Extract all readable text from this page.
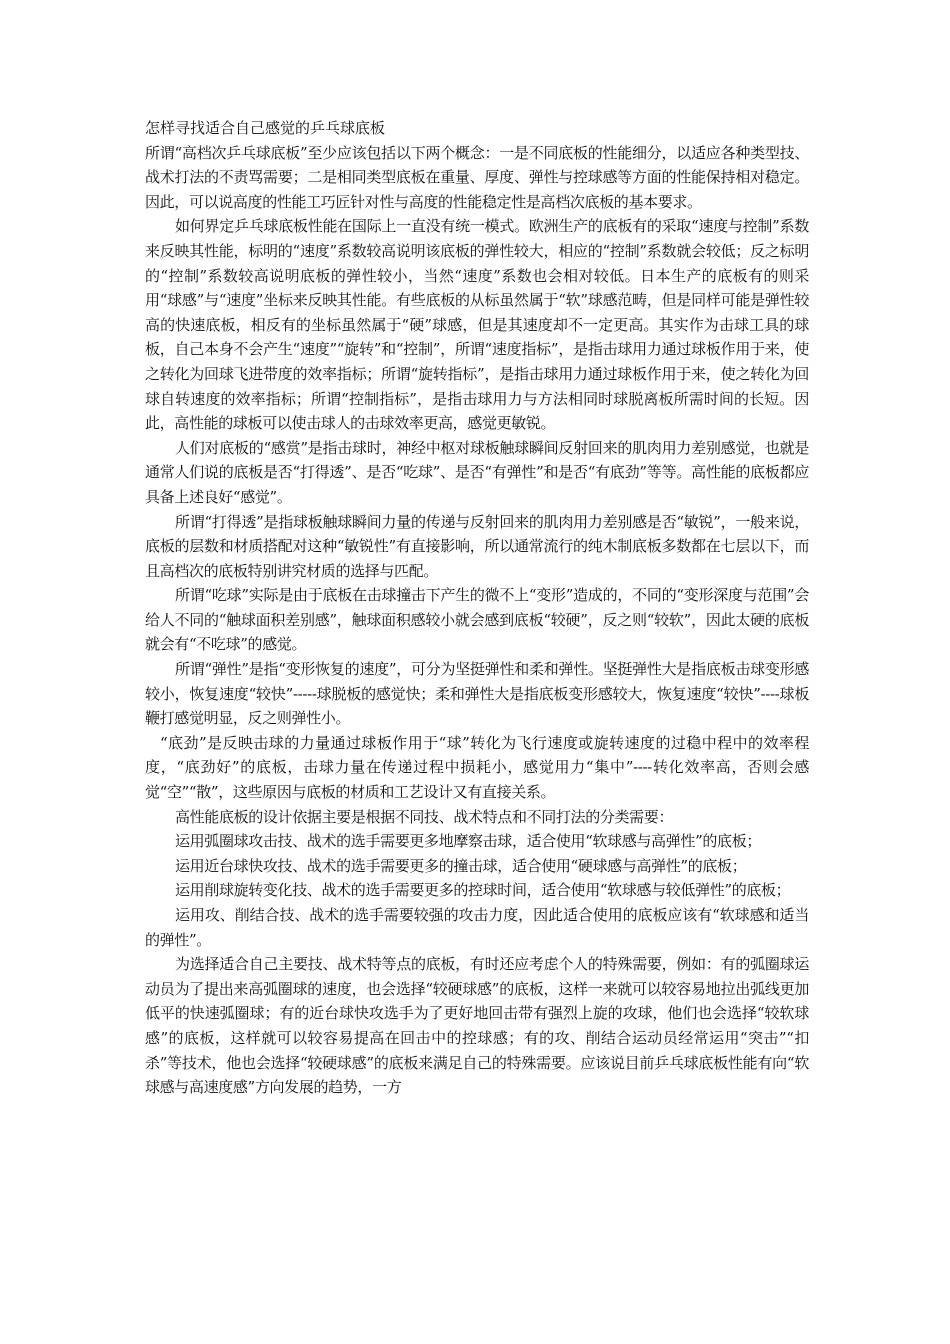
怎样寻找适合自己感觉的乒乓球底板

所谓“高档次乒乓球底板”至少应该包括以下两个概念：一是不同底板的性能细分，以适应各种类型技、战术打法的不责骂需要；二是相同类型底板在重量、厚度、弹性与控球感等方面的性能保持相对稳定。因此，可以说高度的性能工巧匠针对性与高度的性能稳定性是高档次底板的基本要求。

如何界定乒乓球底板性能在国际上一直没有统一模式。欧洲生产的底板有的采取“速度与控制”系数来反映其性能，标明的“速度”系数较高说明该底板的弹性较大，相应的“控制”系数就会较低；反之标明的“控制”系数较高说明底板的弹性较小，当然“速度”系数也会相对较低。日本生产的底板有的则采用“球感”与“速度”坐标来反映其性能。有些底板的从标虽然属于“软”球感范畴，但是同样可能是弹性较高的快速底板，相反有的坐标虽然属于“硬”球感，但是其速度却不一定更高。其实作为击球工具的球板，自己本身不会产生“速度”“旋转”和“控制”，所谓“速度指标”，是指击球用力通过球板作用于来，使之转化为回球飞进带度的效率指标；所谓“旋转指标”，是指击球用力通过球板作用于来，使之转化为回球自转速度的效率指标；所谓“控制指标”，是指击球用力与方法相同时球脱离板所需时间的长短。因此，高性能的球板可以使击球人的击球效率更高，感觉更敏锐。

人们对底板的“感赏”是指击球时，神经中枢对球板触球瞬间反射回来的肌肉用力差别感觉，也就是通常人们说的底板是否“打得透”、是否“吃球”、是否“有弹性”和是否“有底劲”等等。高性能的底板都应具备上述良好“感觉”。

所谓“打得透”是指球板触球瞬间力量的传递与反射回来的肌肉用力差别感是否“敏锐”，一般来说，底板的层数和材质搭配对这种“敏锐性”有直接影响，所以通常流行的纯木制底板多数都在七层以下，而且高档次的底板特别讲究材质的选择与匹配。

所谓“吃球”实际是由于底板在击球撞击下产生的微不上“变形”造成的，不同的“变形深度与范围”会给人不同的“触球面积差别感”，触球面积感较小就会感到底板“较硬”，反之则“较软”，因此太硬的底板就会有“不吃球”的感觉。

所谓“弹性”是指“变形恢复的速度”，可分为坚挺弹性和柔和弹性。坚挺弹性大是指底板击球变形感较小，恢复速度“较快”-----球脱板的感觉快；柔和弹性大是指底板变形感较大，恢复速度“较快”----球板鞭打感觉明显，反之则弹性小。

“底劲”是反映击球的力量通过球板作用于“球”转化为飞行速度或旋转速度的过稳中程中的效率程度，“底劲好”的底板，击球力量在传递过程中损耗小，感觉用力“集中”----转化效率高，否则会感觉“空”“散”，这些原因与底板的材质和工艺设计又有直接关系。

高性能底板的设计依据主要是根据不同技、战术特点和不同打法的分类需要：

运用弧圈球攻击技、战术的选手需要更多地摩察击球，适合使用“软球感与高弹性”的底板；

运用近台球快攻技、战术的选手需要更多的撞击球，适合使用“硬球感与高弹性”的底板；

运用削球旋转变化技、战术的选手需要更多的控球时间，适合使用“软球感与较低弹性”的底板；

运用攻、削结合技、战术的选手需要较强的攻击力度，因此适合使用的底板应该有“软球感和适当的弹性”。

为选择适合自己主要技、战术特等点的底板，有时还应考虑个人的特殊需要，例如：有的弧圈球运动员为了提出来高弧圈球的速度，也会选择“较硬球感”的底板，这样一来就可以较容易地拉出弧线更加低平的快速弧圈球；有的近台球快攻选手为了更好地回击带有强烈上旋的攻球，他们也会选择“较软球感”的底板，这样就可以较容易提高在回击中的控球感；有的攻、削结合运动员经常运用“突击”“扣杀”等技术，他也会选择“较硬球感”的底板来满足自己的特殊需要。应该说目前乒乓球底板性能有向“软球感与高速度感”方向发展的趋势，一方
